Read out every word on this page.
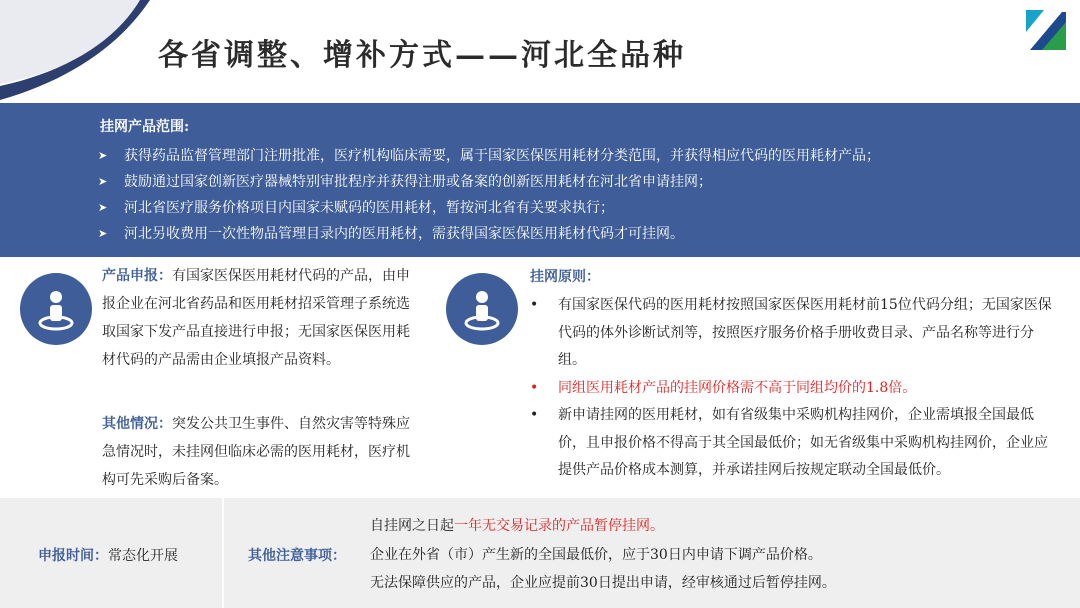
各省调整、增补方式——河北全品种
挂网产品范围:
➤	获得药品监督管理部门注册批准，医疗机构临床需要，属于国家医保医用耗材分类范围，并获得相应代码的医用耗材产品；
➤	鼓励通过国家创新医疗器械特别审批程序并获得注册或备案的创新医用耗材在河北省申请挂网；
➤	河北省医疗服务价格项目内国家未赋码的医用耗材，暂按河北省有关要求执行；
➤	河北另收费用一次性物品管理目录内的医用耗材，需获得国家医保医用耗材代码才可挂网。
产品申报：有国家医保医用耗材代码的产品，由申报企业在河北省药品和医用耗材招采管理子系统选取国家下发产品直接进行申报；无国家医保医用耗材代码的产品需由企业填报产品资料。
其他情况：突发公共卫生事件、自然灾害等特殊应急情况时，未挂网但临床必需的医用耗材，医疗机构可先采购后备案。
挂网原则：
•	有国家医保代码的医用耗材按照国家医保医用耗材前15位代码分组；无国家医保代码的体外诊断试剂等，按照医疗服务价格手册收费目录、产品名称等进行分组。
•	同组医用耗材产品的挂网价格需不高于同组均价的1.8倍。
•	新申请挂网的医用耗材，如有省级集中采购机构挂网价，企业需填报全国最低价，且申报价格不得高于其全国最低价；如无省级集中采购机构挂网价，企业应提供产品价格成本测算，并承诺挂网后按规定联动全国最低价。
申报时间：常态化开展	其他注意事项：
自挂网之日起一年无交易记录的产品暂停挂网。
企业在外省（市）产生新的全国最低价，应于30日内申请下调产品价格。
无法保障供应的产品，企业应提前30日提出申请，经审核通过后暂停挂网。
